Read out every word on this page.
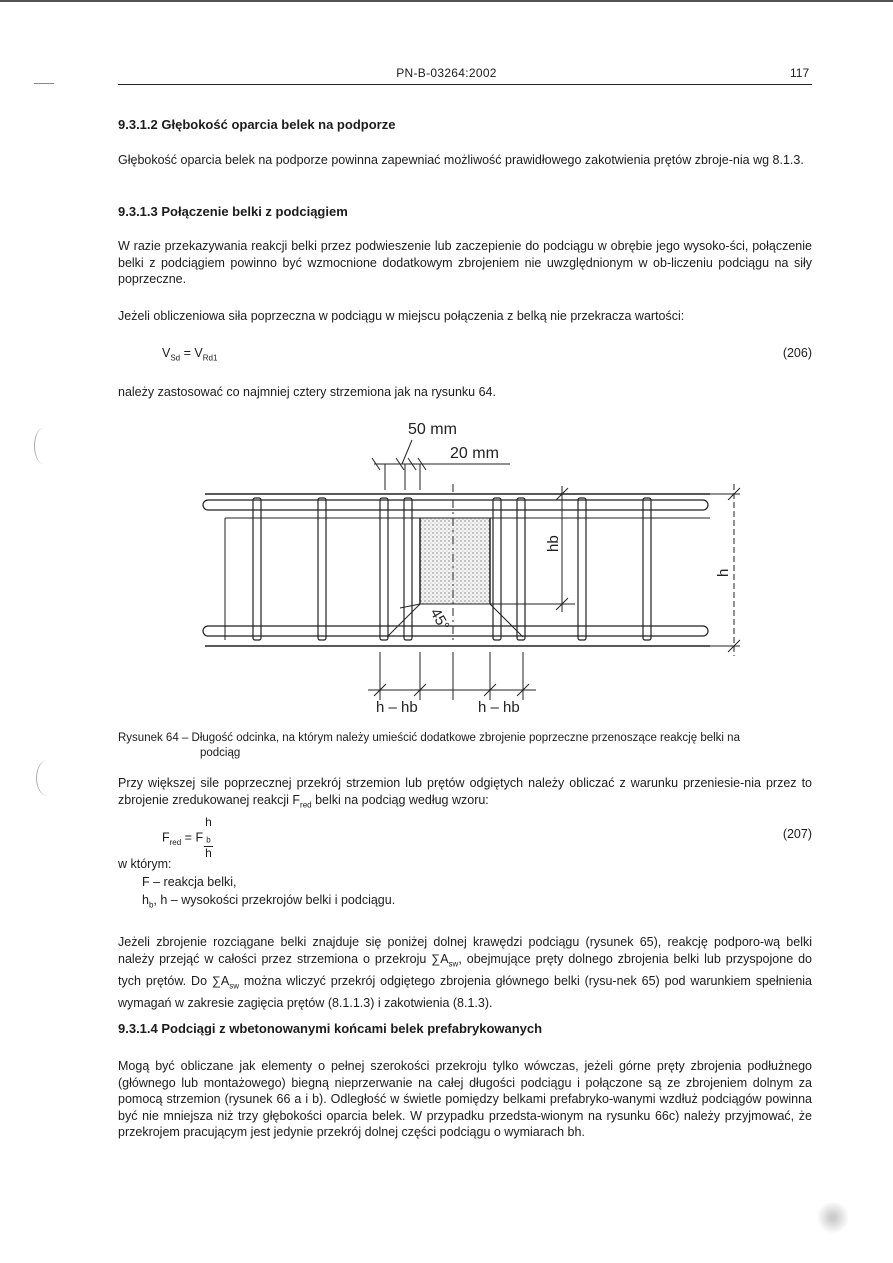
PN-B-03264:2002	117
9.3.1.2 Głębokość oparcia belek na podporze
Głębokość oparcia belek na podporze powinna zapewniać możliwość prawidłowego zakotwienia prętów zbroje-nia wg 8.1.3.
9.3.1.3 Połączenie belki z podciągiem
W razie przekazywania reakcji belki przez podwieszenie lub zaczepienie do podciągu w obrębie jego wysoko-ści, połączenie belki z podciągiem powinno być wzmocnione dodatkowym zbrojeniem nie uwzględnionym w ob-liczeniu podciągu na siły poprzeczne.
Jeżeli obliczeniowa siła poprzeczna w podciągu w miejscu połączenia z belką nie przekracza wartości:
$V_{Sd} = V_{Rd1}$	(206)
należy zastosować co najmniej cztery strzemiona jak na rysunku 64.
50 mm
20 mm
45°
hb
h
h – hb	h – hb
Rysunek 64 – Długość odcinka, na którym należy umieścić dodatkowe zbrojenie poprzeczne przenoszące reakcję belki na
podciąg
Przy większej sile poprzecznej przekrój strzemion lub prętów odgiętych należy obliczać z warunku przeniesie-nia przez to zbrojenie zredukowanej reakcji $F_{red}$ belki na podciąg według wzoru:
$F_{red} = F$ h
$_b$
h	(207)
w którym:
F – reakcja belki,
$h_b$, h – wysokości przekrojów belki i podciągu.
Jeżeli zbrojenie rozciągane belki znajduje się poniżej dolnej krawędzi podciągu (rysunek 65), reakcję podporo-wą belki należy przejąć w całości przez strzemiona o przekroju $\sum A_{sw}$, obejmujące pręty dolnego zbrojenia belki lub przyspojone do tych prętów. Do $\sum A_{sw}$ można wliczyć przekrój odgiętego zbrojenia głównego belki (rysu-nek 65) pod warunkiem spełnienia wymagań w zakresie zagięcia prętów (8.1.1.3) i zakotwienia (8.1.3).
9.3.1.4 Podciągi z wbetonowanymi końcami belek prefabrykowanych
Mogą być obliczane jak elementy o pełnej szerokości przekroju tylko wówczas, jeżeli górne pręty zbrojenia podłużnego (głównego lub montażowego) biegną nieprzerwanie na całej długości podciągu i połączone są ze zbrojeniem dolnym za pomocą strzemion (rysunek 66 a i b). Odległość w świetle pomiędzy belkami prefabryko-wanymi wzdłuż podciągów powinna być nie mniejsza niż trzy głębokości oparcia belek. W przypadku przedsta-wionym na rysunku 66c) należy przyjmować, że przekrojem pracującym jest jedynie przekrój dolnej części podciągu o wymiarach bh.
